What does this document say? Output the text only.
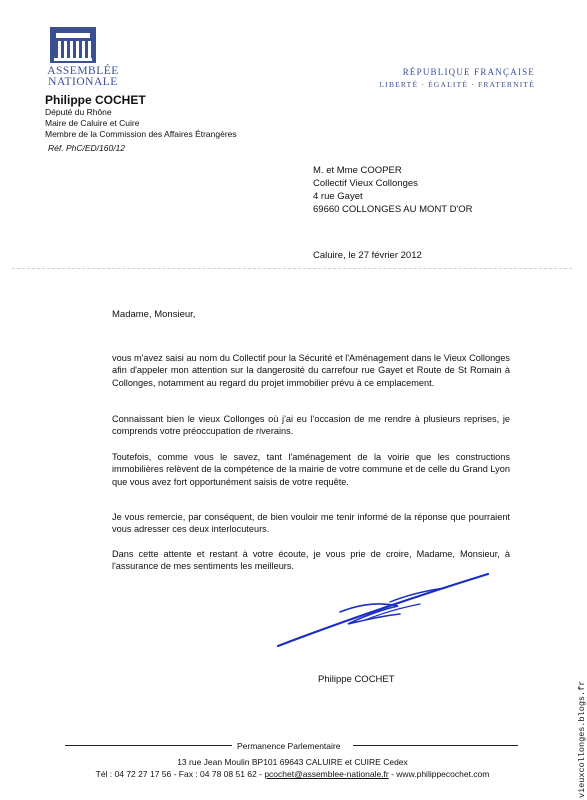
ASSEMBLÉE
NATIONALE
RÉPUBLIQUE FRANÇAISE
LIBERTÉ · ÉGALITÉ · FRATERNITÉ
Philippe COCHET
Député du Rhône
Maire de Caluire et Cuire
Membre de la Commission des Affaires Étrangères
Réf. PhC/ED/160/12
M. et Mme COOPER
Collectif Vieux Collonges
4 rue Gayet
69660 COLLONGES AU MONT D'OR
Caluire, le 27 février 2012
Madame, Monsieur,
vous m'avez saisi au nom du Collectif pour la Sécurité et l'Aménagement dans le Vieux Collonges afin d'appeler mon attention sur la dangerosité du carrefour rue Gayet et Route de St Romain à Collonges, notamment au regard du projet immobilier prévu à ce emplacement.
Connaissant bien le vieux Collonges où j'ai eu l'occasion de me rendre à plusieurs reprises, je comprends votre préoccupation de riverains.
Toutefois, comme vous le savez, tant l'aménagement de la voirie que les constructions immobilières relèvent de la compétence de la mairie de votre commune et de celle du Grand Lyon que vous avez fort opportunément saisis de votre requête.
Je vous remercie, par conséquent, de bien vouloir me tenir informé de la réponse que pourraient vous adresser ces deux interlocuteurs.
Dans cette attente et restant à votre écoute, je vous prie de croire, Madame, Monsieur, à l'assurance de mes sentiments les meilleurs.
Philippe COCHET
Permanence Parlementaire
13 rue Jean Moulin BP101 69643 CALUIRE et CUIRE Cedex
Tél : 04 72 27 17 56 - Fax : 04 78 08 51 62 - pcochet@assemblee-nationale.fr - www.philippecochet.com	vieuxcollonges.blogs.fr
